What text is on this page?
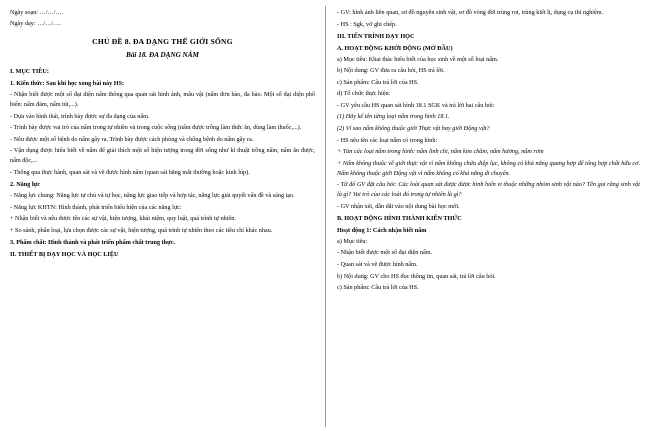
Ngày soạn: …/…/….

Ngày dạy: …/…/….

CHỦ ĐỀ 8. ĐA DẠNG THẾ GIỚI SỐNG

Bài 18. ĐA DẠNG NẤM

I. MỤC TIÊU:

1. Kiến thức: Sau khi học xong bài này HS:

- Nhận biết được một số đại diện nấm thông qua quan sát hình ảnh, mẫu vật (nấm đơn bào, đa bào. Một số đại diện phổ biến: nấm đảm, nấm túi,...).

- Dựa vào hình thái, trình bày được sự đa dạng của nấm.

- Trình bày được vai trò của nấm trong tự nhiên và trong cuộc sống (nấm được trồng làm thức ăn, dùng làm thuốc,...).

- Nêu được một số bệnh do nấm gây ra. Trình bày được cách phòng và chống bệnh do nấm gây ra.

- Vận dụng được hiểu biết về nấm để giải thích một số hiện tượng trong đời sống như kĩ thuật trồng nấm, nấm ăn được, nấm độc,...

- Thông qua thực hành, quan sát và vẽ được hình nấm (quan sát bằng mắt thường hoặc kính lúp).

2. Năng lực

- Năng lực chung: Năng lực tự chủ và tự học, năng lực giao tiếp và hợp tác, năng lực giải quyết vấn đề và sáng tạo.

- Năng lực KHTN: Hình thành, phát triển biểu hiện của các năng lực:

+ Nhận biết và nêu được tên các sự vật, hiện tượng, khái niệm, quy luật, quá trình tự nhiên.

+ So sánh, phân loại, lựa chọn được các sự vật, hiện tượng, quá trình tự nhiên theo các tiêu chí khác nhau.

3. Phẩm chất: Hình thành và phát triển phẩm chất trung thực.

II. THIẾT BỊ DẠY HỌC VÀ HỌC LIỆU

- GV: hình ảnh liên quan, sơ đồ nguyên sinh vật, sơ đồ vòng đời trùng roi, trùng kiết lị, dụng cụ thí nghiệm.

- HS : Sgk, vở ghi chép.

III. TIẾN TRÌNH DẠY HỌC

A. HOẠT ĐỘNG KHỞI ĐỘNG (MỞ ĐẦU)

a) Mục tiêu: Khai thác hiểu biết của học sinh về một số loại nấm.

b) Nội dung: GV đưa ra câu hỏi, HS trả lời.

c) Sản phẩm: Câu trả lời của HS.

d) Tổ chức thực hiện:

- GV yêu cầu HS quan sát hình 18.1 SGK và trả lời hai câu hỏi:

(1) Hãy kể tên từng loại nấm trong hình 18.1.

(2) Ví sao nấm không thuộc giới Thực vật hay giới Động vật?

- HS nêu tên các loại nấm có trong hình:

+ Tản các loại nấm trong hình: nấm linh chi, nấm kim châm, nấm hương, nấm rơm

+ Nấm không thuộc về giới thực vật vì nấm không chứa diệp lục, không có khả năng quang hợp để tổng hợp chất hữu cơ. Nấm không thuộc giới Động vật vì nấm không có khả năng di chuyển.

- Từ đó GV đặt câu hỏi: Các loài quan sát được được hình hiển vi thuộc những nhóm sinh vật nào? Tên gọi rằng sinh vật là gì? Vai trò của các loài đó trong tự nhiên là gì?

- GV nhận xét, dẫn dắt vào nội dung bài học mới.

B. HOẠT ĐỘNG HÌNH THÀNH KIẾN THỨC

Hoạt động 1: Cách nhận biết nấm

a) Mục tiêu:

- Nhận biết được một số đại diện nấm.

- Quan sát và vẽ được hình nấm.

b) Nội dung: GV cho HS đọc thông tin, quan sát, trả lời câu hỏi.

c) Sản phẩm: Câu trả lời của HS.
